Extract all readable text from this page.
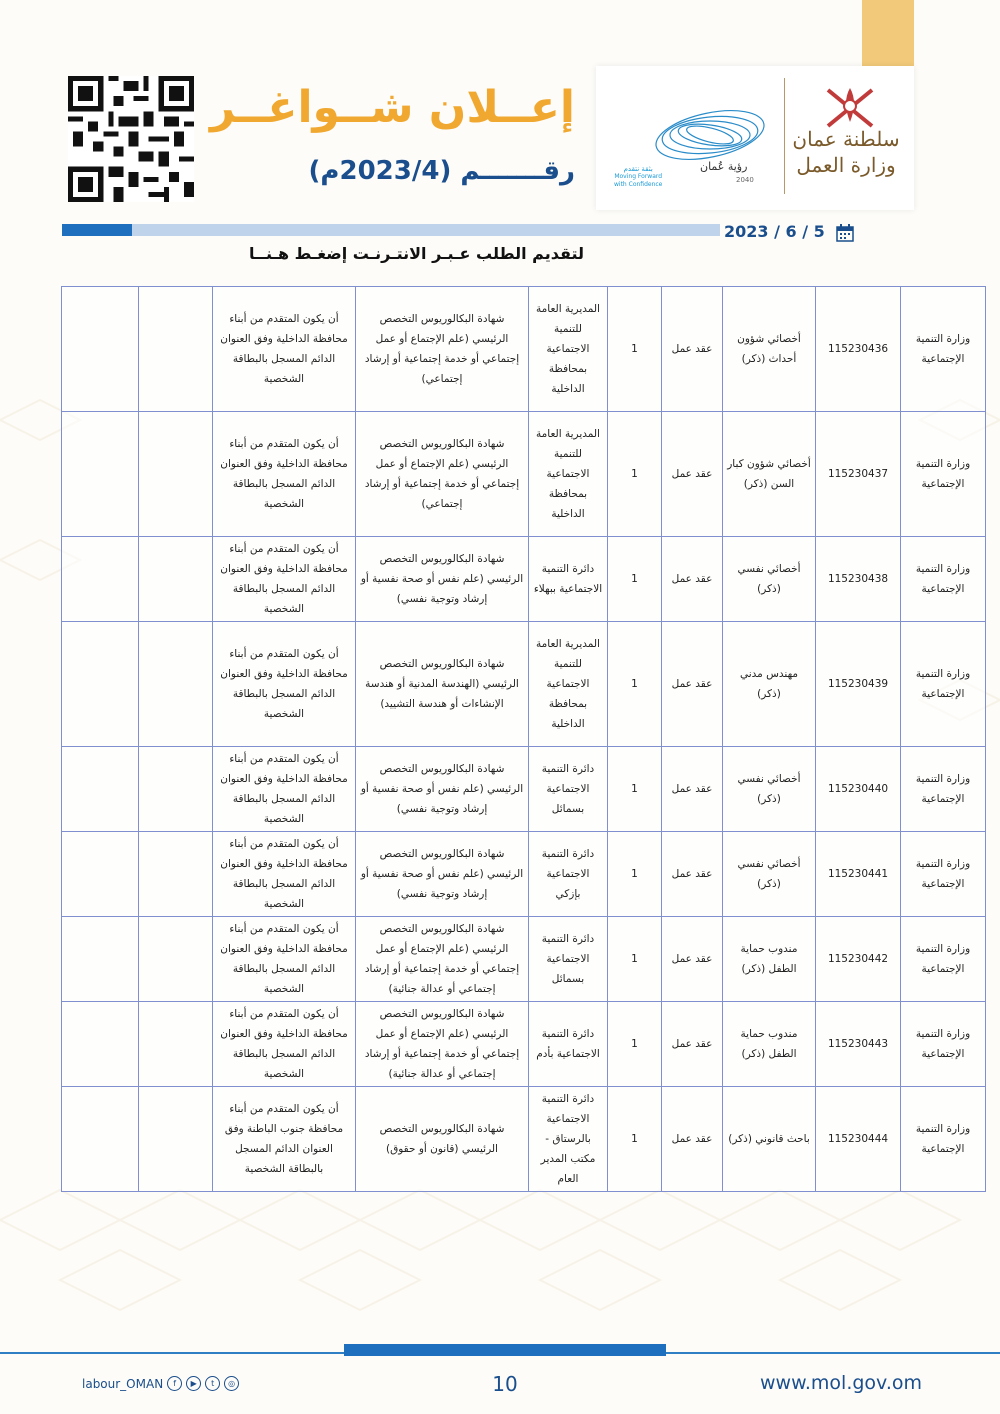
سلطنة عمان
وزارة العمل
رؤية عُمان
2040
بثقة نتقدم
Moving Forward
with Confidence
إعــلان شــواغــر
رقـــــــم (2023/4م)
2023 / 6 / 5
لتقديم الطلب عـبـر الانتـرنـت إضغـط هـنــا
وزارة التنمية الإجتماعية	115230436	أخصائي شؤون أحداث (ذكر)	عقد عمل	1	المديرية العامة للتنمية الاجتماعية بمحافظة الداخلية	شهادة البكالوريوس التخصص الرئيسي (علم الإجتماع أو عمل إجتماعي أو خدمة إجتماعية أو إرشاد إجتماعي)	أن يكون المتقدم من أبناء محافظة الداخلية وفق العنوان الدائم المسجل بالبطاقة الشخصية		
وزارة التنمية الإجتماعية	115230437	أخصائي شؤون كبار السن (ذكر)	عقد عمل	1	المديرية العامة للتنمية الاجتماعية بمحافظة الداخلية	شهادة البكالوريوس التخصص الرئيسي (علم الإجتماع أو عمل إجتماعي أو خدمة إجتماعية أو إرشاد إجتماعي)	أن يكون المتقدم من أبناء محافظة الداخلية وفق العنوان الدائم المسجل بالبطاقة الشخصية		
وزارة التنمية الإجتماعية	115230438	أخصائي نفسي (ذكر)	عقد عمل	1	دائرة التنمية الاجتماعية ببهلاء	شهادة البكالوريوس التخصص الرئيسي (علم نفس أو صحة نفسية أو إرشاد وتوجية نفسي)	أن يكون المتقدم من أبناء محافظة الداخلية وفق العنوان الدائم المسجل بالبطاقة الشخصية		
وزارة التنمية الإجتماعية	115230439	مهندس مدني (ذكر)	عقد عمل	1	المديرية العامة للتنمية الاجتماعية بمحافظة الداخلية	شهادة البكالوريوس التخصص الرئيسي (الهندسة المدنية أو هندسة الإنشاءات أو هندسة التشييد)	أن يكون المتقدم من أبناء محافظة الداخلية وفق العنوان الدائم المسجل بالبطاقة الشخصية		
وزارة التنمية الإجتماعية	115230440	أخصائي نفسي (ذكر)	عقد عمل	1	دائرة التنمية الاجتماعية بسمائل	شهادة البكالوريوس التخصص الرئيسي (علم نفس أو صحة نفسية أو إرشاد وتوجية نفسي)	أن يكون المتقدم من أبناء محافظة الداخلية وفق العنوان الدائم المسجل بالبطاقة الشخصية		
وزارة التنمية الإجتماعية	115230441	أخصائي نفسي (ذكر)	عقد عمل	1	دائرة التنمية الاجتماعية بإزكي	شهادة البكالوريوس التخصص الرئيسي (علم نفس أو صحة نفسية أو إرشاد وتوجية نفسي)	أن يكون المتقدم من أبناء محافظة الداخلية وفق العنوان الدائم المسجل بالبطاقة الشخصية		
وزارة التنمية الإجتماعية	115230442	مندوب حماية الطفل (ذكر)	عقد عمل	1	دائرة التنمية الاجتماعية بسمائل	شهادة البكالوريوس التخصص الرئيسي (علم الإجتماع أو عمل إجتماعي أو خدمة إجتماعية أو إرشاد إجتماعي أو عدالة جنائية)	أن يكون المتقدم من أبناء محافظة الداخلية وفق العنوان الدائم المسجل بالبطاقة الشخصية		
وزارة التنمية الإجتماعية	115230443	مندوب حماية الطفل (ذكر)	عقد عمل	1	دائرة التنمية الاجتماعية بأدم	شهادة البكالوريوس التخصص الرئيسي (علم الإجتماع أو عمل إجتماعي أو خدمة إجتماعية أو إرشاد إجتماعي أو عدالة جنائية)	أن يكون المتقدم من أبناء محافظة الداخلية وفق العنوان الدائم المسجل بالبطاقة الشخصية		
وزارة التنمية الإجتماعية	115230444	باحث قانوني (ذكر)	عقد عمل	1	دائرة التنمية الاجتماعية بالرستاق - مكتب المدير العام	شهادة البكالوريوس التخصص الرئيسي (قانون أو حقوق)	أن يكون المتقدم من أبناء محافظة جنوب الباطنة وفق العنوان الدائم المسجل بالبطاقة الشخصية		
labour_OMAN	f	▶	t	◎	10	www.mol.gov.om
